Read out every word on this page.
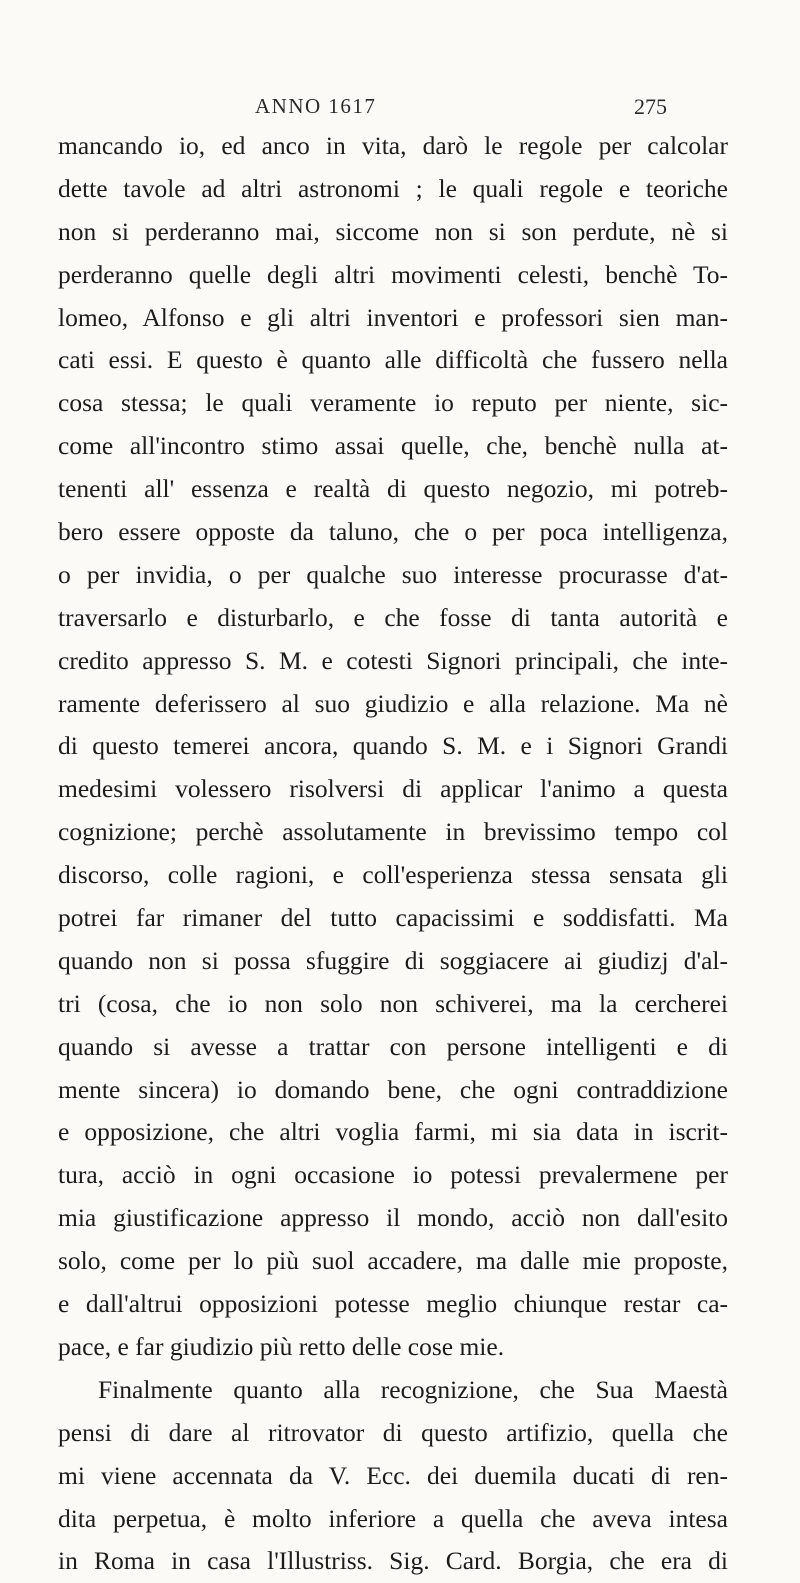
ANNO 1617	275
mancando io, ed anco in vita, darò le regole per calcolar
dette tavole ad altri astronomi ; le quali regole e teoriche
non si perderanno mai, siccome non si son perdute, nè si
perderanno quelle degli altri movimenti celesti, benchè To-
lomeo, Alfonso e gli altri inventori e professori sien man-
cati essi. E questo è quanto alle difficoltà che fussero nella
cosa stessa; le quali veramente io reputo per niente, sic-
come all'incontro stimo assai quelle, che, benchè nulla at-
tenenti all' essenza e realtà di questo negozio, mi potreb-
bero essere opposte da taluno, che o per poca intelligenza,
o per invidia, o per qualche suo interesse procurasse d'at-
traversarlo e disturbarlo, e che fosse di tanta autorità e
credito appresso S. M. e cotesti Signori principali, che inte-
ramente deferissero al suo giudizio e alla relazione. Ma nè
di questo temerei ancora, quando S. M. e i Signori Grandi
medesimi volessero risolversi di applicar l'animo a questa
cognizione; perchè assolutamente in brevissimo tempo col
discorso, colle ragioni, e coll'esperienza stessa sensata gli
potrei far rimaner del tutto capacissimi e soddisfatti. Ma
quando non si possa sfuggire di soggiacere ai giudizj d'al-
tri (cosa, che io non solo non schiverei, ma la cercherei
quando si avesse a trattar con persone intelligenti e di
mente sincera) io domando bene, che ogni contraddizione
e opposizione, che altri voglia farmi, mi sia data in iscrit-
tura, acciò in ogni occasione io potessi prevalermene per
mia giustificazione appresso il mondo, acciò non dall'esito
solo, come per lo più suol accadere, ma dalle mie proposte,
e dall'altrui opposizioni potesse meglio chiunque restar ca-
pace, e far giudizio più retto delle cose mie.
Finalmente quanto alla recognizione, che Sua Maestà
pensi di dare al ritrovator di questo artifizio, quella che
mi viene accennata da V. Ecc. dei duemila ducati di ren-
dita perpetua, è molto inferiore a quella che aveva intesa
in Roma in casa l'Illustriss. Sig. Card. Borgia, che era di
